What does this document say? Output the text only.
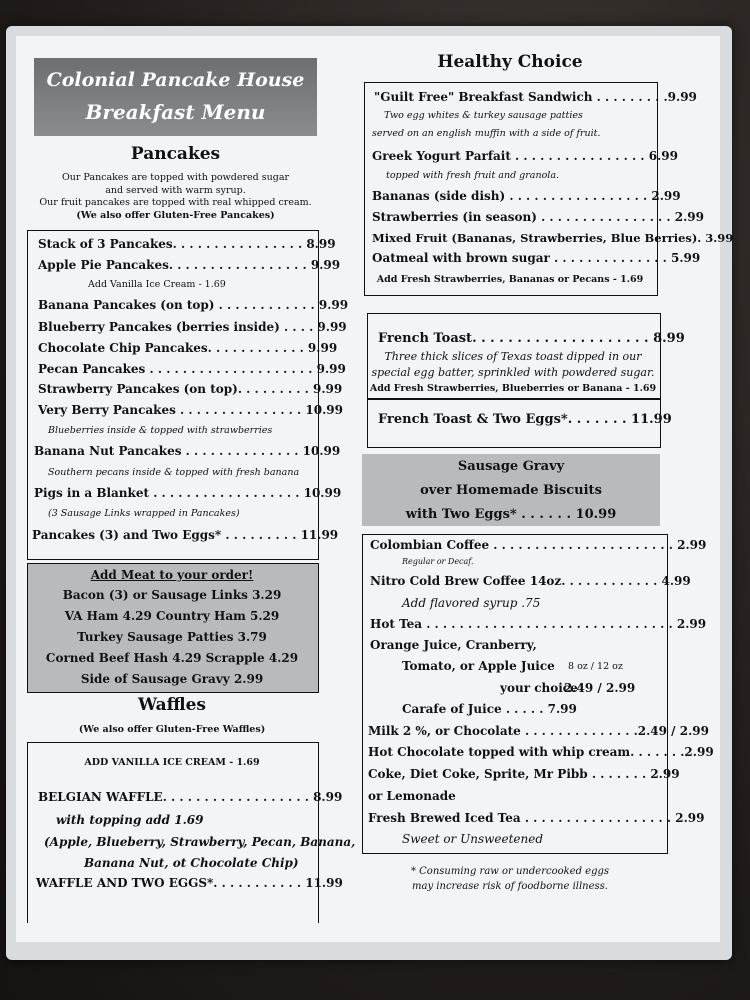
Colonial Pancake House
Breakfast Menu
Pancakes
Our Pancakes are topped with powdered sugar
and served with warm syrup.
Our fruit pancakes are topped with real whipped cream.
(We also offer Gluten-Free Pancakes)
Stack of 3 Pancakes. . . . . . . . . . . . . . . . 8.99
Apple Pie Pancakes. . . . . . . . . . . . . . . . . 9.99
Add Vanilla Ice Cream - 1.69
Banana Pancakes (on top) . . . . . . . . . . . . 9.99
Blueberry Pancakes (berries inside) . . . . 9.99
Chocolate Chip Pancakes. . . . . . . . . . . . 9.99
Pecan Pancakes . . . . . . . . . . . . . . . . . . . . 9.99
Strawberry Pancakes (on top). . . . . . . . . 9.99
Very Berry Pancakes . . . . . . . . . . . . . . . 10.99
Blueberries inside & topped with strawberries
Banana Nut Pancakes . . . . . . . . . . . . . . 10.99
Southern pecans inside & topped with fresh banana
Pigs in a Blanket . . . . . . . . . . . . . . . . . . 10.99
(3 Sausage Links wrapped in Pancakes)
Pancakes (3) and Two Eggs* . . . . . . . . . 11.99
Add Meat to your order!
Bacon (3) or Sausage Links 3.29
VA Ham 4.29 Country Ham 5.29
Turkey Sausage Patties 3.79
Corned Beef Hash 4.29 Scrapple 4.29
Side of Sausage Gravy 2.99
Waffles
(We also offer Gluten-Free Waffles)
ADD VANILLA ICE CREAM - 1.69
BELGIAN WAFFLE. . . . . . . . . . . . . . . . . . 8.99
with topping add 1.69
(Apple, Blueberry, Strawberry, Pecan, Banana,
Banana Nut, ot Chocolate Chip)
WAFFLE AND TWO EGGS*. . . . . . . . . . . 11.99
Healthy Choice
"Guilt Free" Breakfast Sandwich . . . . . . . . .9.99
Two egg whites & turkey sausage patties
served on an english muffin with a side of fruit.
Greek Yogurt Parfait . . . . . . . . . . . . . . . . 6.99
topped with fresh fruit and granola.
Bananas (side dish) . . . . . . . . . . . . . . . . . 2.99
Strawberries (in season) . . . . . . . . . . . . . . . . 2.99
Mixed Fruit (Bananas, Strawberries, Blue Berries). 3.99
Oatmeal with brown sugar . . . . . . . . . . . . . . 5.99
Add Fresh Strawberries, Bananas or Pecans - 1.69
French Toast. . . . . . . . . . . . . . . . . . . . 8.99
Three thick slices of Texas toast dipped in our
special egg batter, sprinkled with powdered sugar.
Add Fresh Strawberries, Blueberries or Banana - 1.69
French Toast & Two Eggs*. . . . . . . 11.99
Sausage Gravy
over Homemade Biscuits
with Two Eggs* . . . . . . 10.99
Colombian Coffee . . . . . . . . . . . . . . . . . . . . . . 2.99
Regular or Decaf.
Nitro Cold Brew Coffee 14oz. . . . . . . . . . . . 4.99
Add flavored syrup .75
Hot Tea . . . . . . . . . . . . . . . . . . . . . . . . . . . . . . 2.99
Orange Juice, Cranberry,
Tomato, or Apple Juice 8 oz / 12 oz
your choice
2.49 / 2.99
Carafe of Juice . . . . . 7.99
Milk 2 %, or Chocolate . . . . . . . . . . . . . .2.49 / 2.99
Hot Chocolate topped with whip cream. . . . . . .2.99
Coke, Diet Coke, Sprite, Mr Pibb . . . . . . . 2.99
or Lemonade
Fresh Brewed Iced Tea . . . . . . . . . . . . . . . . . . 2.99
Sweet or Unsweetened
* Consuming raw or undercooked eggs
may increase risk of foodborne illness.
